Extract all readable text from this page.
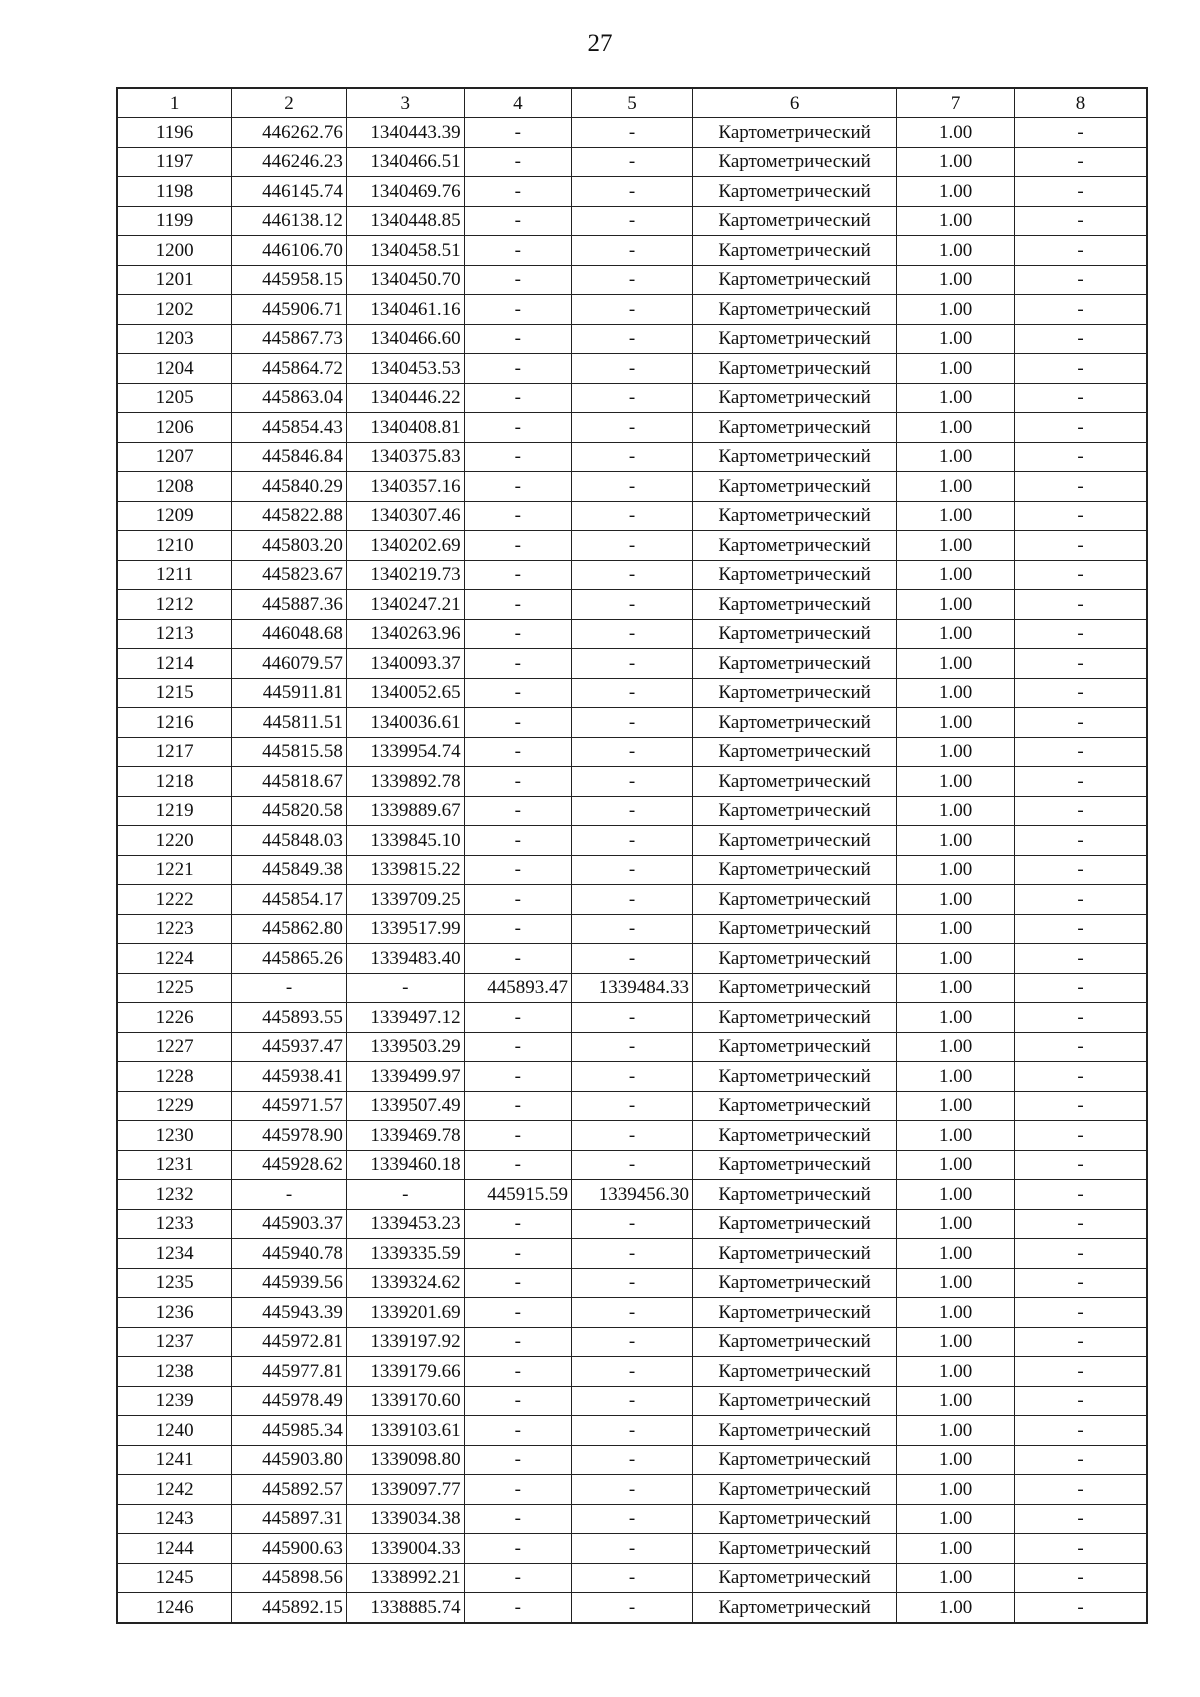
27
1	2	3	4	5	6	7	8
1196	446262.76	1340443.39	-	-	Картометрический	1.00	-
1197	446246.23	1340466.51	-	-	Картометрический	1.00	-
1198	446145.74	1340469.76	-	-	Картометрический	1.00	-
1199	446138.12	1340448.85	-	-	Картометрический	1.00	-
1200	446106.70	1340458.51	-	-	Картометрический	1.00	-
1201	445958.15	1340450.70	-	-	Картометрический	1.00	-
1202	445906.71	1340461.16	-	-	Картометрический	1.00	-
1203	445867.73	1340466.60	-	-	Картометрический	1.00	-
1204	445864.72	1340453.53	-	-	Картометрический	1.00	-
1205	445863.04	1340446.22	-	-	Картометрический	1.00	-
1206	445854.43	1340408.81	-	-	Картометрический	1.00	-
1207	445846.84	1340375.83	-	-	Картометрический	1.00	-
1208	445840.29	1340357.16	-	-	Картометрический	1.00	-
1209	445822.88	1340307.46	-	-	Картометрический	1.00	-
1210	445803.20	1340202.69	-	-	Картометрический	1.00	-
1211	445823.67	1340219.73	-	-	Картометрический	1.00	-
1212	445887.36	1340247.21	-	-	Картометрический	1.00	-
1213	446048.68	1340263.96	-	-	Картометрический	1.00	-
1214	446079.57	1340093.37	-	-	Картометрический	1.00	-
1215	445911.81	1340052.65	-	-	Картометрический	1.00	-
1216	445811.51	1340036.61	-	-	Картометрический	1.00	-
1217	445815.58	1339954.74	-	-	Картометрический	1.00	-
1218	445818.67	1339892.78	-	-	Картометрический	1.00	-
1219	445820.58	1339889.67	-	-	Картометрический	1.00	-
1220	445848.03	1339845.10	-	-	Картометрический	1.00	-
1221	445849.38	1339815.22	-	-	Картометрический	1.00	-
1222	445854.17	1339709.25	-	-	Картометрический	1.00	-
1223	445862.80	1339517.99	-	-	Картометрический	1.00	-
1224	445865.26	1339483.40	-	-	Картометрический	1.00	-
1225	-	-	445893.47	1339484.33	Картометрический	1.00	-
1226	445893.55	1339497.12	-	-	Картометрический	1.00	-
1227	445937.47	1339503.29	-	-	Картометрический	1.00	-
1228	445938.41	1339499.97	-	-	Картометрический	1.00	-
1229	445971.57	1339507.49	-	-	Картометрический	1.00	-
1230	445978.90	1339469.78	-	-	Картометрический	1.00	-
1231	445928.62	1339460.18	-	-	Картометрический	1.00	-
1232	-	-	445915.59	1339456.30	Картометрический	1.00	-
1233	445903.37	1339453.23	-	-	Картометрический	1.00	-
1234	445940.78	1339335.59	-	-	Картометрический	1.00	-
1235	445939.56	1339324.62	-	-	Картометрический	1.00	-
1236	445943.39	1339201.69	-	-	Картометрический	1.00	-
1237	445972.81	1339197.92	-	-	Картометрический	1.00	-
1238	445977.81	1339179.66	-	-	Картометрический	1.00	-
1239	445978.49	1339170.60	-	-	Картометрический	1.00	-
1240	445985.34	1339103.61	-	-	Картометрический	1.00	-
1241	445903.80	1339098.80	-	-	Картометрический	1.00	-
1242	445892.57	1339097.77	-	-	Картометрический	1.00	-
1243	445897.31	1339034.38	-	-	Картометрический	1.00	-
1244	445900.63	1339004.33	-	-	Картометрический	1.00	-
1245	445898.56	1338992.21	-	-	Картометрический	1.00	-
1246	445892.15	1338885.74	-	-	Картометрический	1.00	-
